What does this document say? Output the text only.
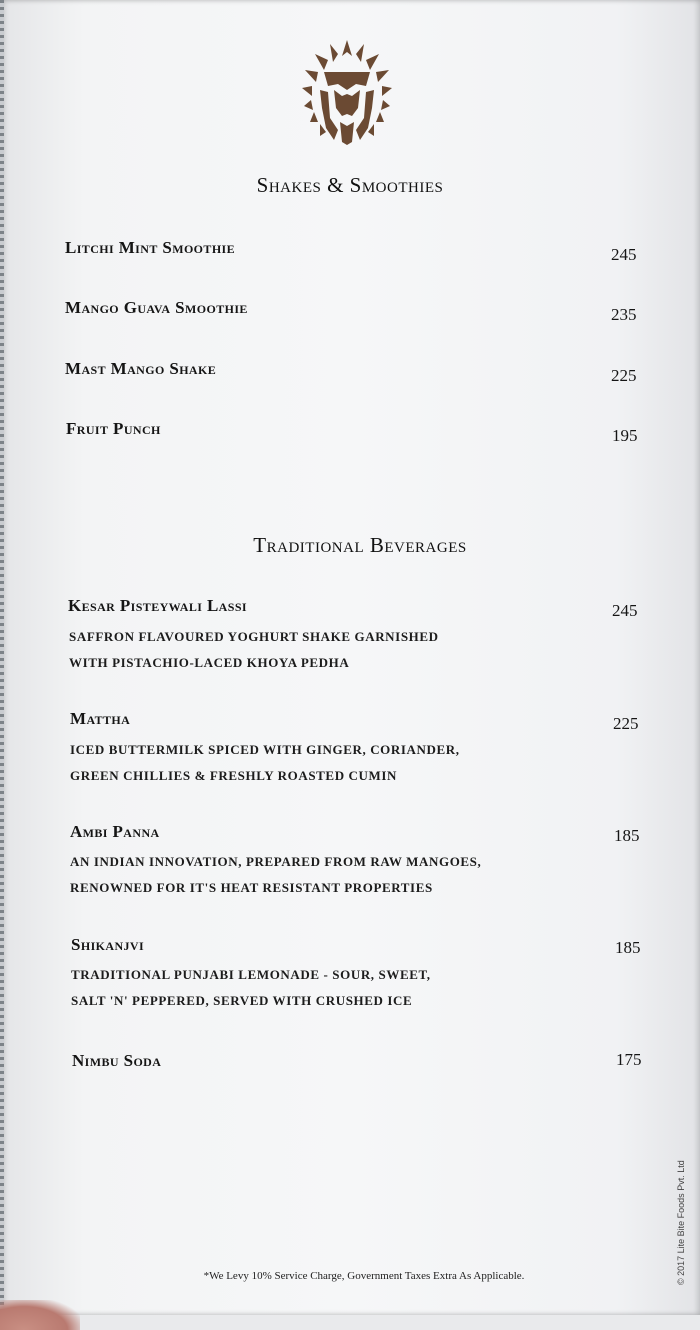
Shakes & Smoothies
Litchi Mint Smoothie	245
Mango Guava Smoothie	235
Mast Mango Shake	225
Fruit Punch	195
Traditional Beverages
Kesar Pisteywali Lassi	245
SAFFRON FLAVOURED YOGHURT SHAKE GARNISHED
WITH PISTACHIO-LACED KHOYA PEDHA
Mattha	225
ICED BUTTERMILK SPICED WITH GINGER, CORIANDER,
GREEN CHILLIES & FRESHLY ROASTED CUMIN
Ambi Panna	185
AN INDIAN INNOVATION, PREPARED FROM RAW MANGOES,
RENOWNED FOR IT'S HEAT RESISTANT PROPERTIES
Shikanjvi	185
TRADITIONAL PUNJABI LEMONADE - SOUR, SWEET,
SALT 'N' PEPPERED, SERVED WITH CRUSHED ICE
Nimbu Soda	175
*We Levy 10% Service Charge, Government Taxes Extra As Applicable.	© 2017 Lite Bite Foods Pvt. Ltd
